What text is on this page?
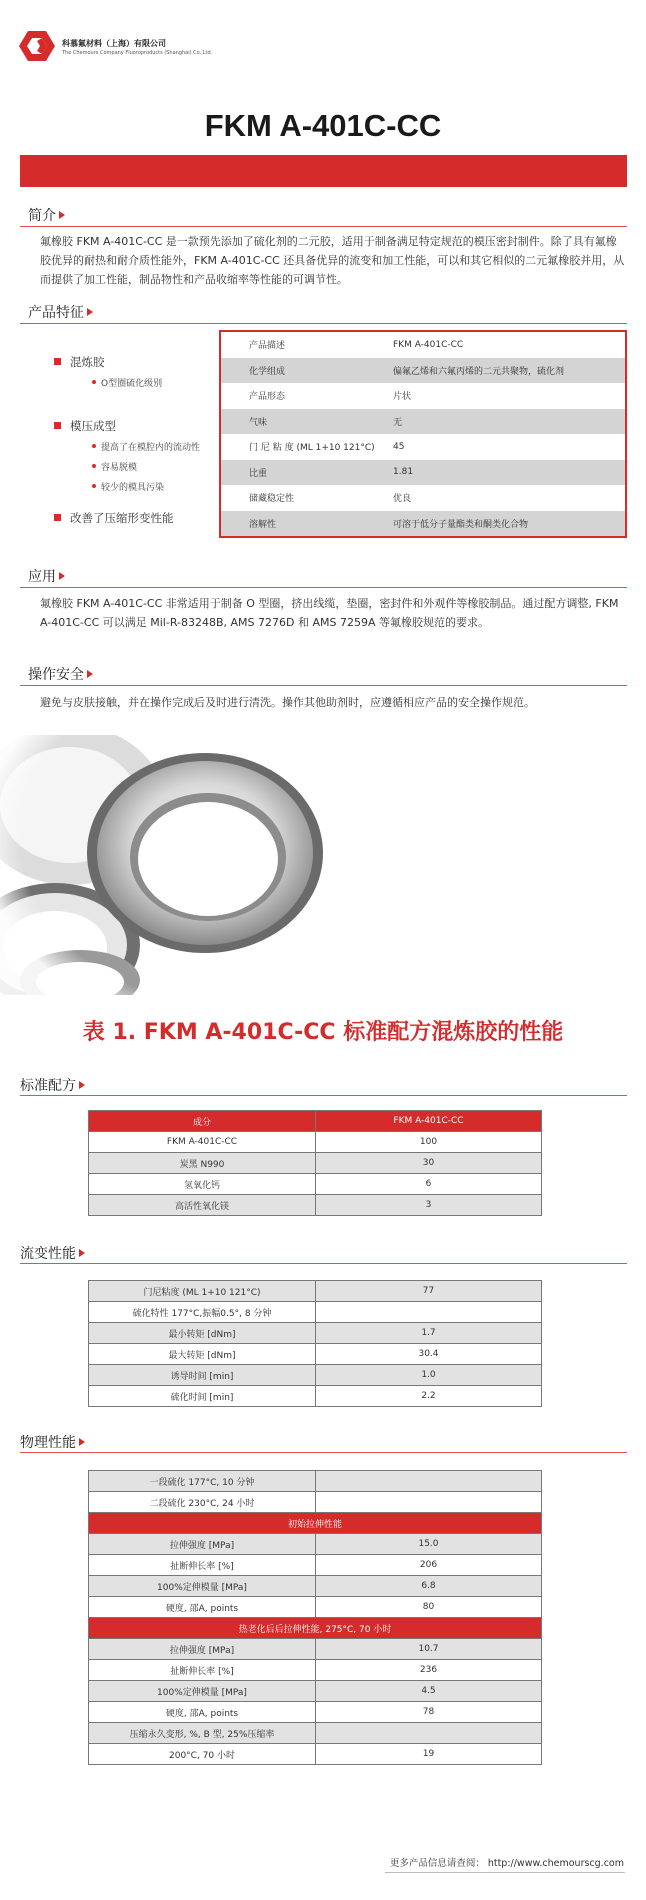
科慕氟材料（上海）有限公司
The Chemours Company Fluoroproducts (Shanghai) Co.,Ltd.
FKM A-401C-CC
简介
氟橡胶 FKM A-401C-CC 是一款预先添加了硫化剂的二元胶，适用于制备满足特定规范的模压密封制件。除了具有氟橡胶优异的耐热和耐介质性能外，FKM A-401C-CC 还具备优异的流变和加工性能，可以和其它相似的二元氟橡胶并用，从而提供了加工性能，制品物性和产品收缩率等性能的可调节性。
产品特征
混炼胶
O型圈硫化级别
模压成型
提高了在模腔内的流动性
容易脱模
较少的模具污染
改善了压缩形变性能
产品描述	FKM A-401C-CC
化学组成	偏氟乙烯和六氟丙烯的二元共聚物，硫化剂
产品形态	片状
气味	无
门 尼 粘 度 (ML 1+10 121°C)	45
比重	1.81
储藏稳定性	优良
溶解性	可溶于低分子量酯类和酮类化合物
应用
氟橡胶 FKM A-401C-CC 非常适用于制备 O 型圈，挤出线缆，垫圈，密封件和外观件等橡胶制品。通过配方调整, FKM A-401C-CC 可以满足 Mil-R-83248B, AMS 7276D 和 AMS 7259A 等氟橡胶规范的要求。
操作安全
避免与皮肤接触，并在操作完成后及时进行清洗。操作其他助剂时，应遵循相应产品的安全操作规范。
表 1. FKM A-401C-CC 标准配方混炼胶的性能
标准配方
成分	FKM A-401C-CC
FKM A-401C-CC	100
炭黑 N990	30
氢氧化钙	6
高活性氧化镁	3
流变性能
门尼粘度 (ML 1+10 121°C)	77
硫化特性 177°C,振幅0.5°, 8 分钟	
最小转矩 [dNm]	1.7
最大转矩 [dNm]	30.4
诱导时间 [min]	1.0
硫化时间 [min]	2.2
物理性能
一段硫化 177°C, 10 分钟	
二段硫化 230°C, 24 小时	
初始拉伸性能	
拉伸强度 [MPa]	15.0
扯断伸长率 [%]	206
100%定伸模量 [MPa]	6.8
硬度, 邵A, points	80
热老化后后拉伸性能, 275°C, 70 小时	
拉伸强度 [MPa]	10.7
扯断伸长率 [%]	236
100%定伸模量 [MPa]	4.5
硬度, 邵A, points	78
压缩永久变形, %, B 型, 25%压缩率	
200°C, 70 小时	19
更多产品信息请查阅： http://www.chemourscg.com
